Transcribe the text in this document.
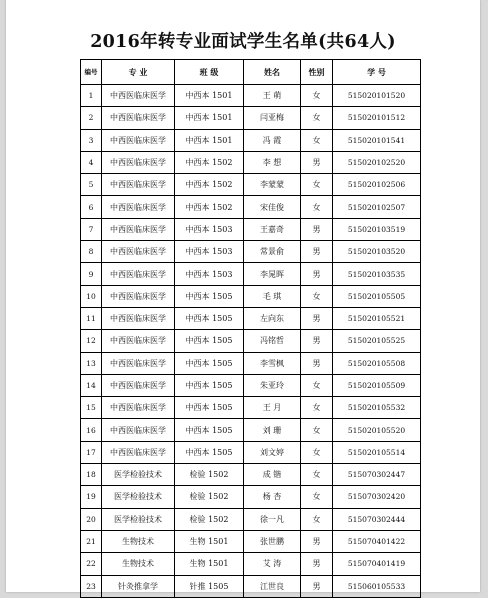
2016年转专业面试学生名单(共64人)
编号	专 业	班 级	姓名	性别	学 号
1	中西医临床医学	中西本 1501	王 萌	女	515020101520
2	中西医临床医学	中西本 1501	闫亚梅	女	515020101512
3	中西医临床医学	中西本 1501	冯 霞	女	515020101541
4	中西医临床医学	中西本 1502	李 想	男	515020102520
5	中西医临床医学	中西本 1502	李蒙蒙	女	515020102506
6	中西医临床医学	中西本 1502	宋佳俊	女	515020102507
7	中西医临床医学	中西本 1503	王嘉奇	男	515020103519
8	中西医临床医学	中西本 1503	常景俞	男	515020103520
9	中西医临床医学	中西本 1503	李晁晖	男	515020103535
10	中西医临床医学	中西本 1505	毛 琪	女	515020105505
11	中西医临床医学	中西本 1505	左向东	男	515020105521
12	中西医临床医学	中西本 1505	冯铭哲	男	515020105525
13	中西医临床医学	中西本 1505	李雪枫	男	515020105508
14	中西医临床医学	中西本 1505	朱亚玲	女	515020105509
15	中西医临床医学	中西本 1505	王 月	女	515020105532
16	中西医临床医学	中西本 1505	刘 珊	女	515020105520
17	中西医临床医学	中西本 1505	刘文婷	女	515020105514
18	医学检验技术	检验 1502	成 锴	女	515070302447
19	医学检验技术	检验 1502	杨 杏	女	515070302420
20	医学检验技术	检验 1502	徐一凡	女	515070302444
21	生物技术	生物 1501	张世鹏	男	515070401422
22	生物技术	生物 1501	艾 涛	男	515070401419
23	针灸推拿学	针推 1505	江世良	男	515060105533
